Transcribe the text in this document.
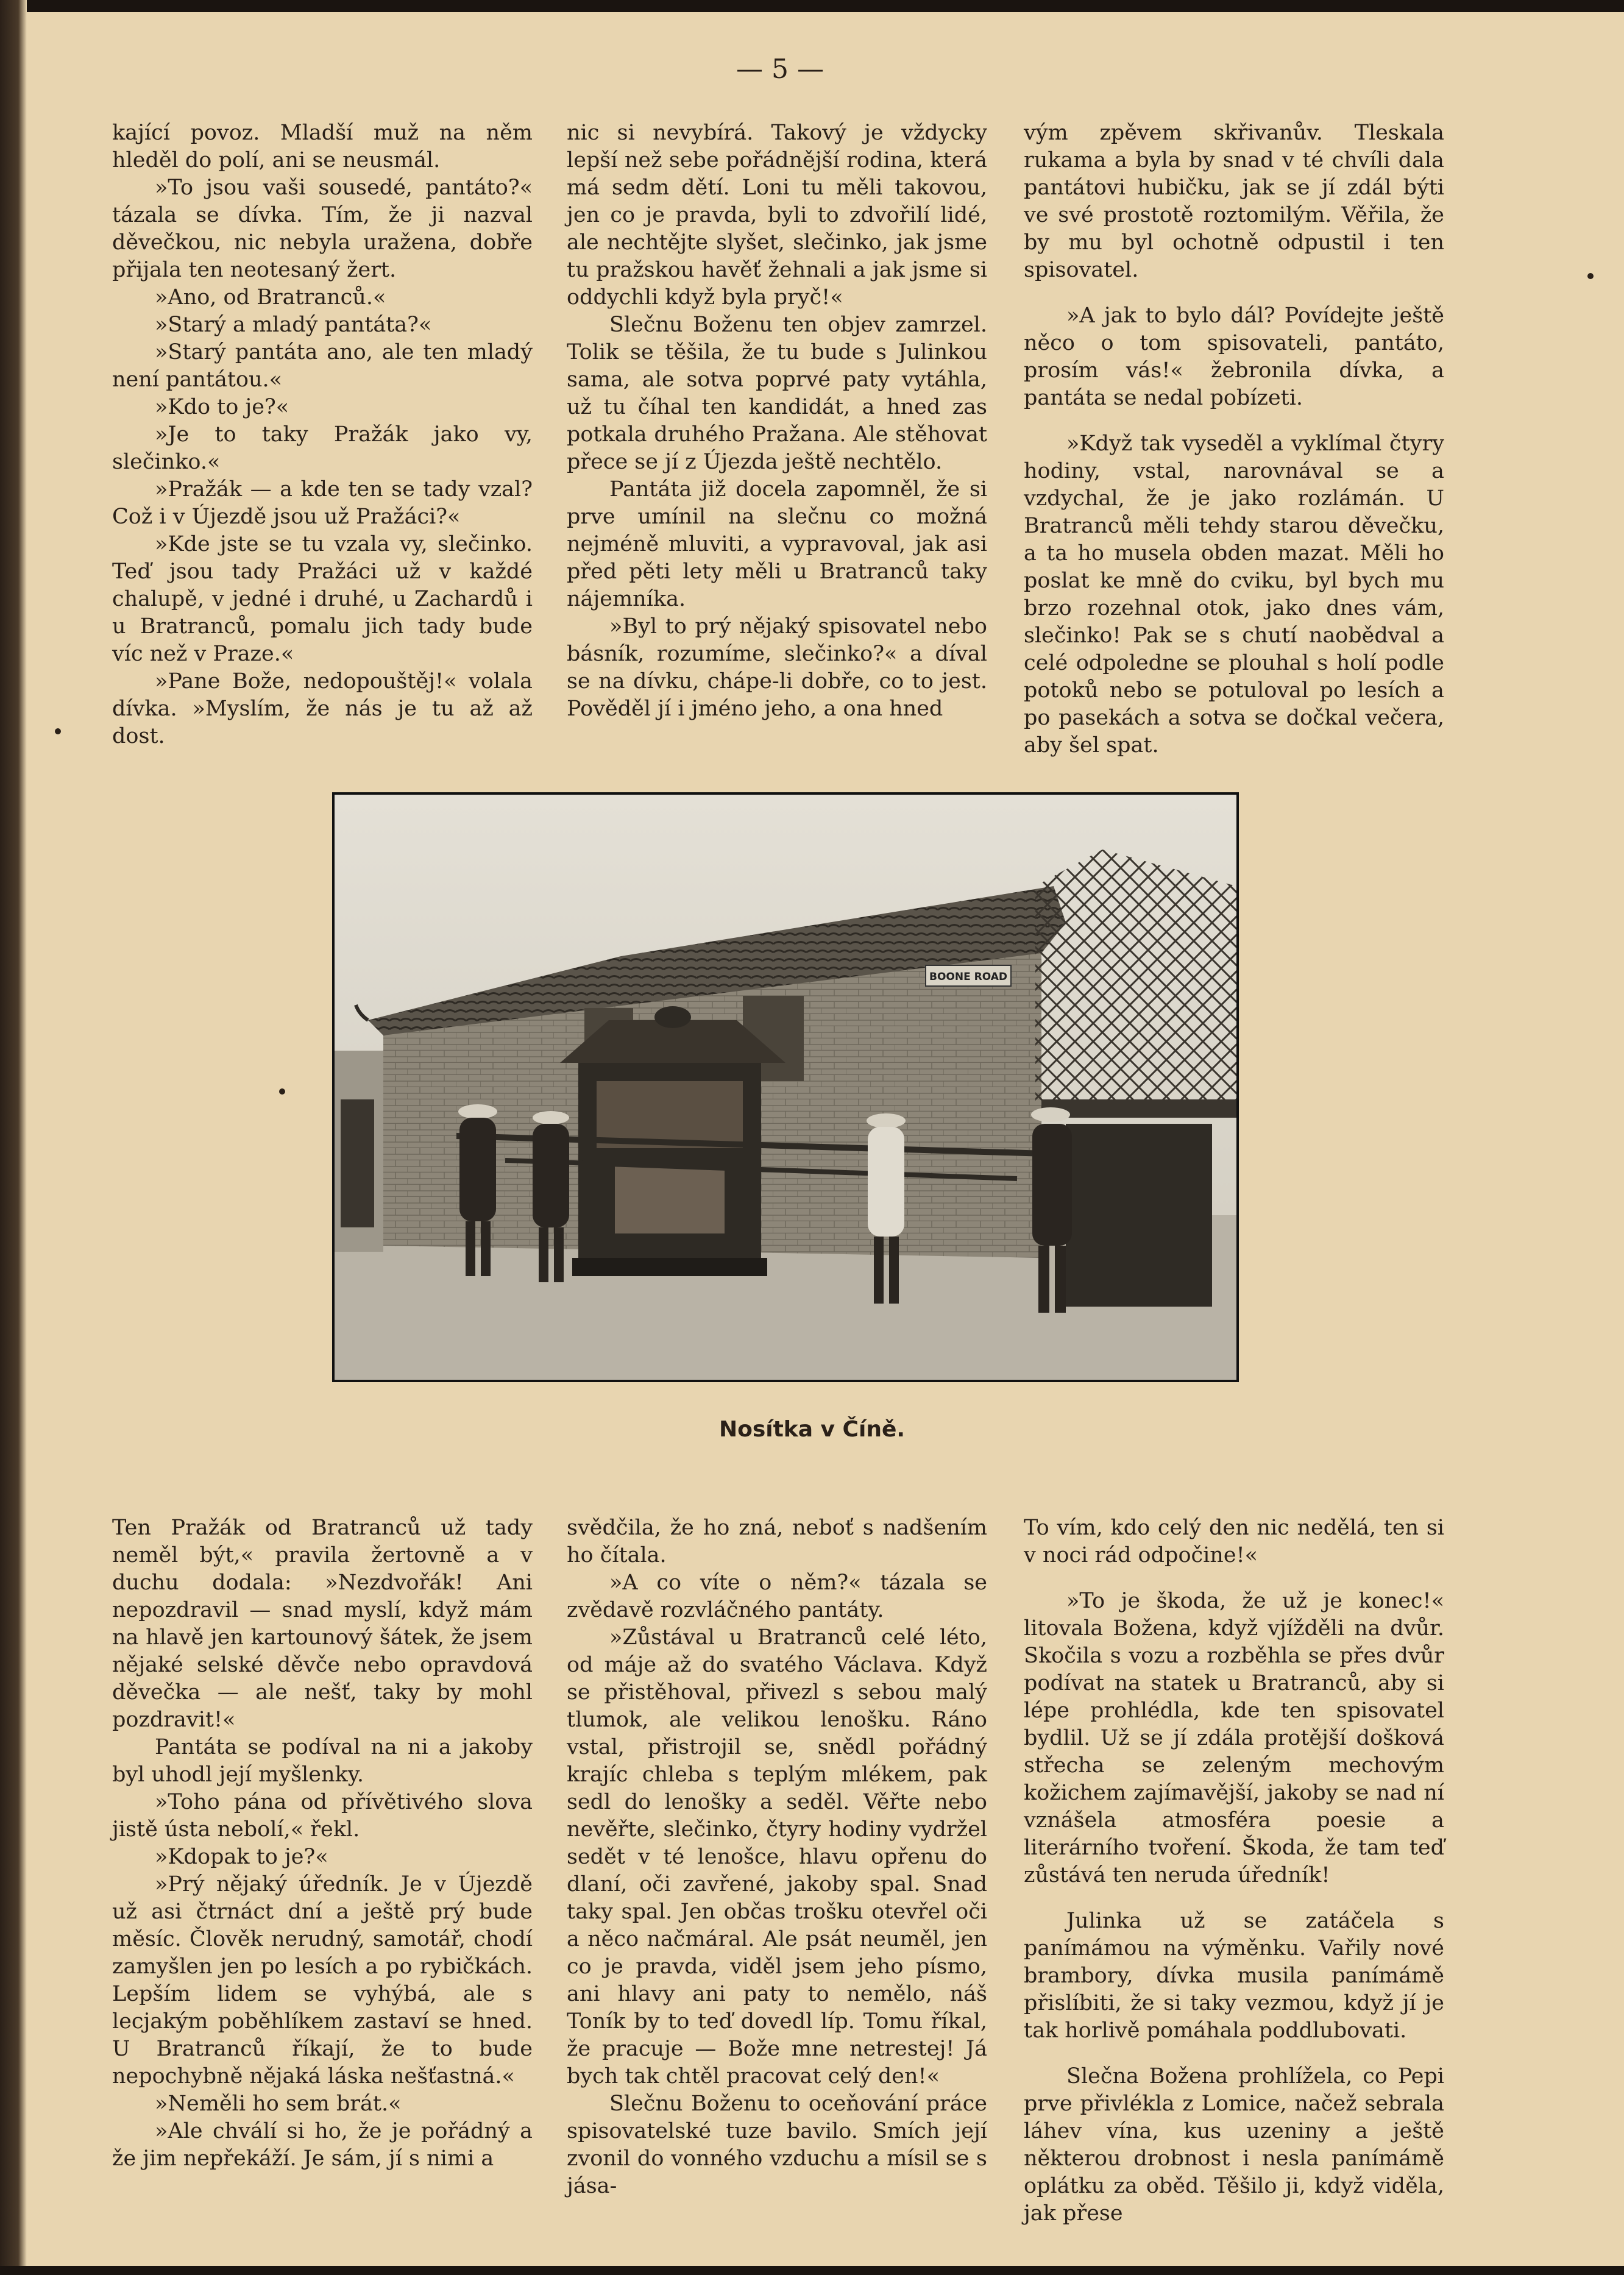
— 5 —

kající povoz. Mladší muž na něm hleděl do polí, ani se neusmál.

»To jsou vaši sousedé, pantáto?« tázala se dívka. Tím, že ji nazval děvečkou, nic nebyla uražena, dobře přijala ten neotesaný žert.

»Ano, od Bratranců.«

»Starý a mladý pantáta?«

»Starý pantáta ano, ale ten mladý není pantátou.«

»Kdo to je?«

»Je to taky Pražák jako vy, slečinko.«

»Pražák — a kde ten se tady vzal? Což i v Újezdě jsou už Pražáci?«

»Kde jste se tu vzala vy, slečinko. Teď jsou tady Pražáci už v každé chalupě, v jedné i druhé, u Zachardů i u Bratranců, pomalu jich tady bude víc než v Praze.«

»Pane Bože, nedopouštěj!« volala dívka. »Myslím, že nás je tu až až dost.

nic si nevybírá. Takový je vždycky lepší než sebe pořádnější rodina, která má sedm dětí. Loni tu měli takovou, jen co je pravda, byli to zdvořilí lidé, ale nechtějte slyšet, slečinko, jak jsme tu pražskou havěť žehnali a jak jsme si oddychli když byla pryč!«

Slečnu Boženu ten objev zamrzel. Tolik se těšila, že tu bude s Julinkou sama, ale sotva poprvé paty vytáhla, už tu číhal ten kandidát, a hned zas potkala druhého Pražana. Ale stěhovat přece se jí z Újezda ještě nechtělo.

Pantáta již docela zapomněl, že si prve umínil na slečnu co možná nejméně mluviti, a vypravoval, jak asi před pěti lety měli u Bratranců taky nájemníka.

»Byl to prý nějaký spisovatel nebo básník, rozumíme, slečinko?« a díval se na dívku, chápe-li dobře, co to jest. Pověděl jí i jméno jeho, a ona hned

vým zpěvem skřivanův. Tleskala rukama a byla by snad v té chvíli dala pantátovi hubičku, jak se jí zdál býti ve své prostotě roztomilým. Věřila, že by mu byl ochotně odpustil i ten spisovatel.

»A jak to bylo dál? Povídejte ještě něco o tom spisovateli, pantáto, prosím vás!« žebronila dívka, a pantáta se nedal pobízeti.

»Když tak vyseděl a vyklímal čtyry hodiny, vstal, narovnával se a vzdychal, že je jako rozlámán. U Bratranců měli tehdy starou děvečku, a ta ho musela obden mazat. Měli ho poslat ke mně do cviku, byl bych mu brzo rozehnal otok, jako dnes vám, slečinko! Pak se s chutí naobědval a celé odpoledne se plouhal s holí podle potoků nebo se potuloval po lesích a po pasekách a sotva se dočkal večera, aby šel spat.

BOONE ROAD
Nosítka v Číně.

Ten Pražák od Bratranců už tady neměl být,« pravila žertovně a v duchu dodala: »Nezdvořák! Ani nepozdravil — snad myslí, když mám na hlavě jen kartounový šátek, že jsem nějaké selské děvče nebo opravdová děvečka — ale nešť, taky by mohl pozdravit!«

Pantáta se podíval na ni a jakoby byl uhodl její myšlenky.

»Toho pána od přívětivého slova jistě ústa nebolí,« řekl.

»Kdopak to je?«

»Prý nějaký úředník. Je v Újezdě už asi čtrnáct dní a ještě prý bude měsíc. Člověk nerudný, samotář, chodí zamyšlen jen po lesích a po rybičkách. Lepším lidem se vyhýbá, ale s lecjakým poběhlíkem zastaví se hned. U Bratranců říkají, že to bude nepochybně nějaká láska nešťastná.«

»Neměli ho sem brát.«

»Ale chválí si ho, že je pořádný a že jim nepřekáží. Je sám, jí s nimi a

svědčila, že ho zná, neboť s nadšením ho čítala.

»A co víte o něm?« tázala se zvědavě rozvláčného pantáty.

»Zůstával u Bratranců celé léto, od máje až do svatého Václava. Když se přistěhoval, přivezl s sebou malý tlumok, ale velikou lenošku. Ráno vstal, přistrojil se, snědl pořádný krajíc chleba s teplým mlékem, pak sedl do lenošky a seděl. Věřte nebo nevěřte, slečinko, čtyry hodiny vydržel sedět v té lenošce, hlavu opřenu do dlaní, oči zavřené, jakoby spal. Snad taky spal. Jen občas trošku otevřel oči a něco načmáral. Ale psát neuměl, jen co je pravda, viděl jsem jeho písmo, ani hlavy ani paty to nemělo, náš Toník by to teď dovedl líp. Tomu říkal, že pracuje — Bože mne netrestej! Já bych tak chtěl pracovat celý den!«

Slečnu Boženu to oceňování práce spisovatelské tuze bavilo. Smích její zvonil do vonného vzduchu a mísil se s jása-

To vím, kdo celý den nic nedělá, ten si v noci rád odpočine!«

»To je škoda, že už je konec!« litovala Božena, když vjížděli na dvůr. Skočila s vozu a rozběhla se přes dvůr podívat na statek u Bratranců, aby si lépe prohlédla, kde ten spisovatel bydlil. Už se jí zdála protější došková střecha se zeleným mechovým kožichem zajímavější, jakoby se nad ní vznášela atmosféra poesie a literárního tvoření. Škoda, že tam teď zůstává ten neruda úředník!

Julinka už se zatáčela s panímámou na výměnku. Vařily nové brambory, dívka musila panímámě přislíbiti, že si taky vezmou, když jí je tak horlivě pomáhala poddlubovati.

Slečna Božena prohlížela, co Pepi prve přivlékla z Lomice, načež sebrala láhev vína, kus uzeniny a ještě některou drobnost i nesla panímámě oplátku za oběd. Těšilo ji, když viděla, jak přese
